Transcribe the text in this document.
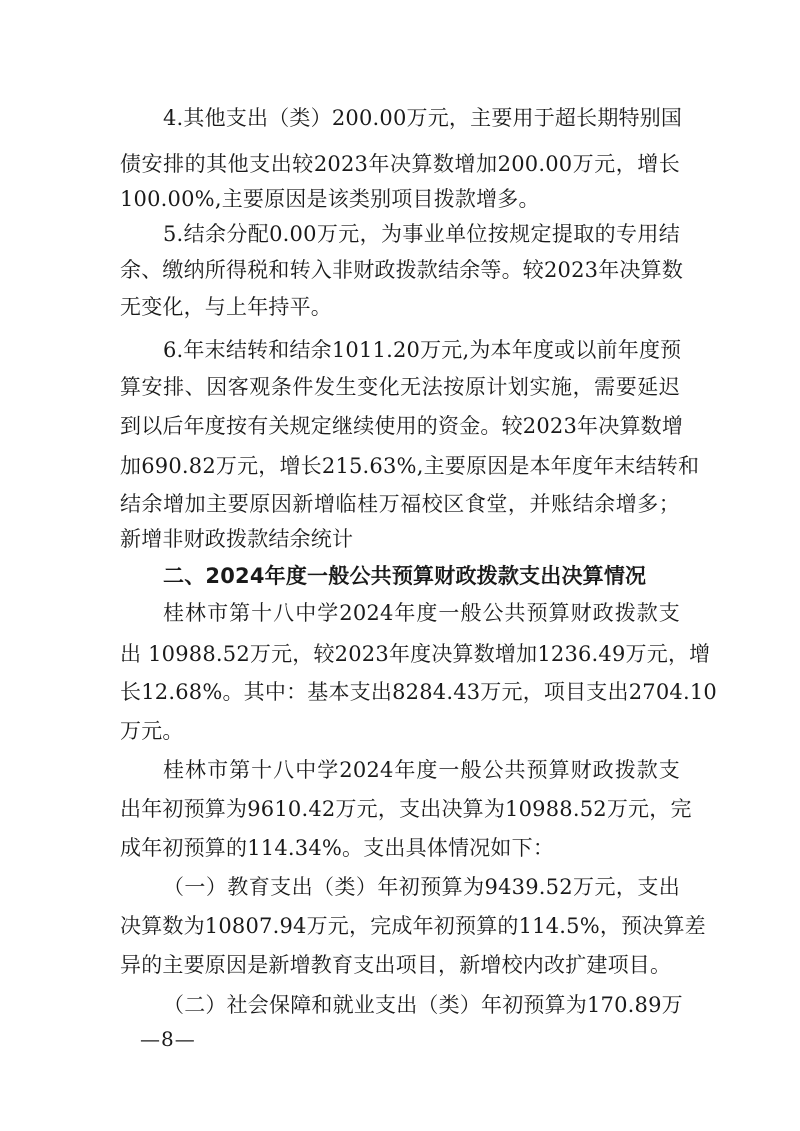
4.其他支出（类）200.00万元，主要用于超长期特别国
债安排的其他支出较2023年决算数增加200.00万元，增长
100.00%,主要原因是该类别项目拨款增多。
5.结余分配0.00万元，为事业单位按规定提取的专用结
余、缴纳所得税和转入非财政拨款结余等。较2023年决算数
无变化，与上年持平。
6.年末结转和结余1011.20万元,为本年度或以前年度预
算安排、因客观条件发生变化无法按原计划实施，需要延迟
到以后年度按有关规定继续使用的资金。较2023年决算数增
加690.82万元，增长215.63%,主要原因是本年度年末结转和
结余增加主要原因新增临桂万福校区食堂，并账结余增多；
新增非财政拨款结余统计
二、2024年度一般公共预算财政拨款支出决算情况
桂林市第十八中学2024年度一般公共预算财政拨款支
出 10988.52万元，较2023年度决算数增加1236.49万元，增
长12.68%。其中：基本支出8284.43万元，项目支出2704.10
万元。
桂林市第十八中学2024年度一般公共预算财政拨款支
出年初预算为9610.42万元，支出决算为10988.52万元，完
成年初预算的114.34%。支出具体情况如下：
（一）教育支出（类）年初预算为9439.52万元，支出
决算数为10807.94万元，完成年初预算的114.5%，预决算差
异的主要原因是新增教育支出项目，新增校内改扩建项目。
（二）社会保障和就业支出（类）年初预算为170.89万
—8—
